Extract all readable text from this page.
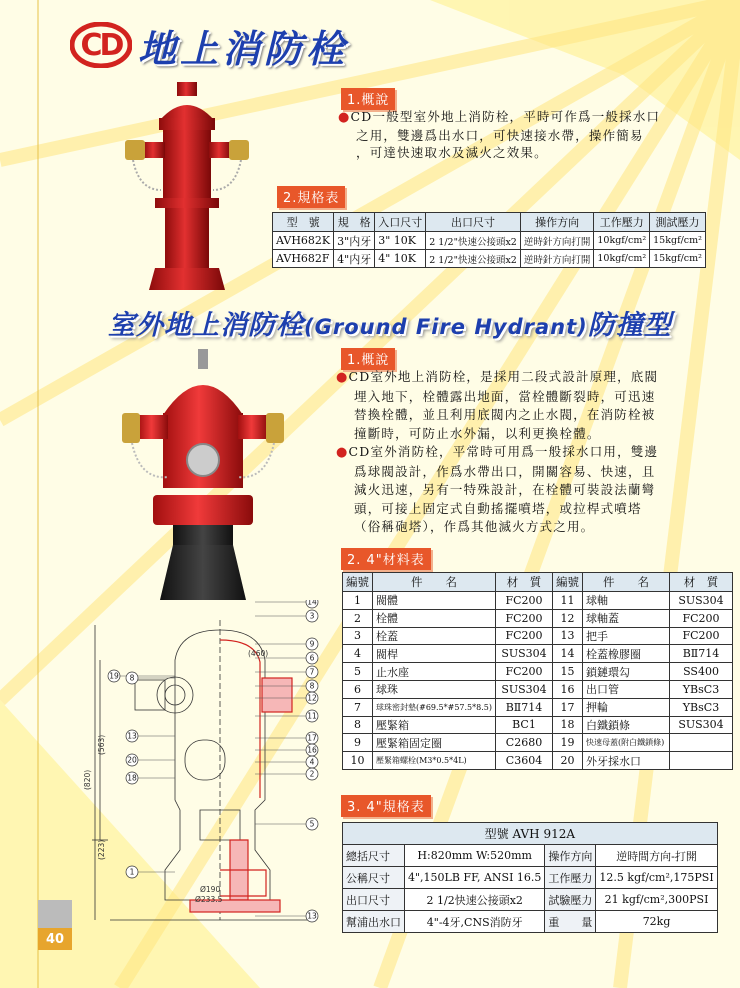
CD 地上消防栓
1.概說
●CD一般型室外地上消防栓，平時可作爲一般採水口
之用，雙邊爲出水口，可快速接水帶，操作簡易
，可達快速取水及滅火之效果。
2.規格表
型　號	規　格	入口尺寸	出口尺寸	操作方向	工作壓力	測試壓力
AVH682K	3"内牙	3" 10K	2 1/2"快速公接頭x2	逆時針方向打開	10kgf/cm²	15kgf/cm²
AVH682F	4"内牙	4" 10K	2 1/2"快速公接頭x2	逆時針方向打開	10kgf/cm²	15kgf/cm²
室外地上消防栓(Ground Fire Hydrant)防撞型
1.概說
●CD室外地上消防栓，是採用二段式設計原理，底閥
埋入地下，栓體露出地面，當栓體斷裂時，可迅速
替換栓體，並且利用底閥内之止水閥，在消防栓被
撞斷時，可防止水外漏，以利更換栓體。
●CD室外消防栓，平常時可用爲一般採水口用，雙邊
爲球閥設計，作爲水帶出口，開關容易、快速，且
減火迅速，另有一特殊設計，在栓體可裝設法蘭彎
頭，可接上固定式自動搖擺噴塔，或拉桿式噴塔
（俗稱砲塔），作爲其他滅火方式之用。
2. 4"材料表
編號	件　　名	材　質	編號	件　　名	材　質
1	閥體	FC200	11	球軸	SUS304
2	栓體	FC200	12	球軸蓋	FC200
3	栓蓋	FC200	13	把手	FC200
4	閥桿	SUS304	14	栓蓋橡膠圈	BⅡ714
5	止水座	FC200	15	鎖鏈環勾	SS400
6	球珠	SUS304	16	出口管	YBsC3
7	球珠密封墊(#69.5*#57.5*8.5)	BⅡ714	17	押輪	YBsC3
8	壓緊箱	BC1	18	白鐵鎖條	SUS304
9	壓緊箱固定圈	C2680	19	快速母蓋(附白鐵鎖條)	
10	壓緊箱螺栓(M3*0.5*4L)	C3604	20	外牙採水口	
3. 4"規格表
型號 AVH 912A			
總括尺寸	H:820mm W:520mm	操作方向	逆時間方向-打開
公稱尺寸	4",150LB FF, ANSI 16.5	工作壓力	12.5 kgf/cm²,175PSI
出口尺寸	2 1/2快速公接頭x2	試驗壓力	21 kgf/cm²,300PSI
幫浦出水口	4"-4牙,CNS消防牙	重　　量	72kg
(460)
(563)
(820)
(223)
Ø190
Ø233.5
14
3
9
6
7
8
12
11
17
16
4
2
5
13
19 8
13
20
18
1
40
